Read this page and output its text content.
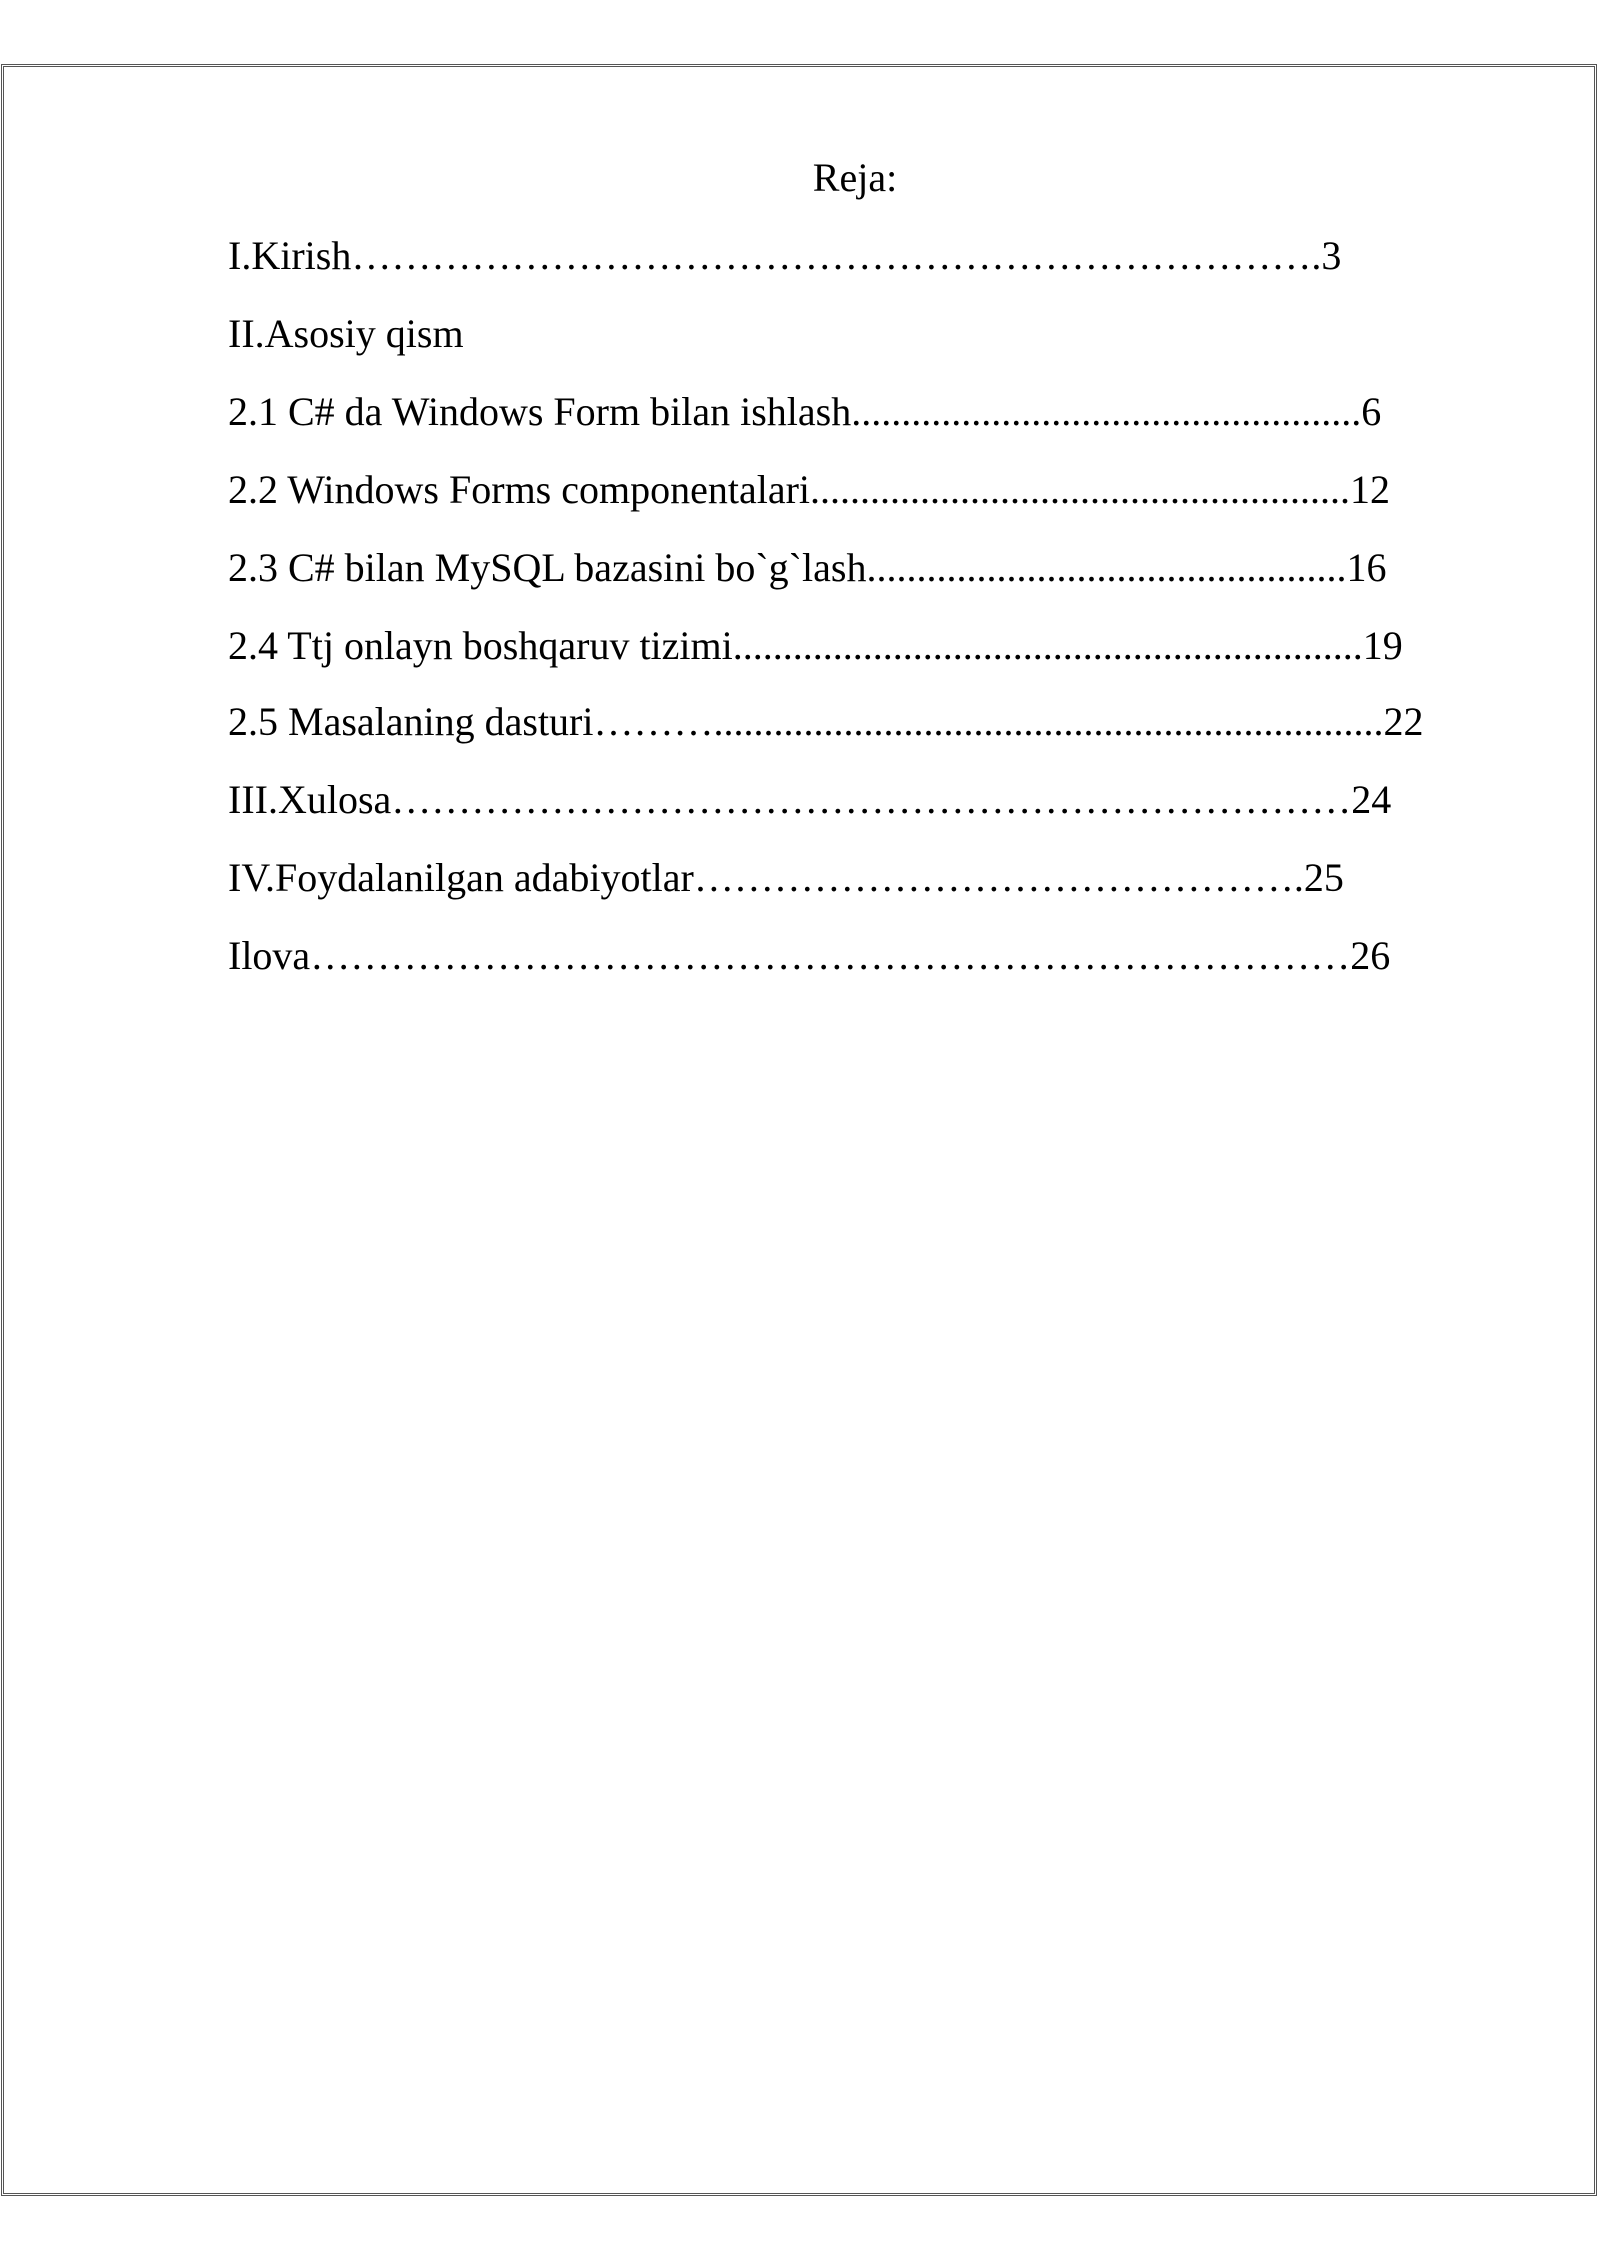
Reja:
I.Kirish……………………………………………………………….3
II.Asosiy qism
2.1 C# da Windows Form bilan ishlash...................................................6
2.2 Windows Forms componentalari......................................................12
2.3 C# bilan MySQL bazasini bo`g`lash................................................16
2.4 Ttj onlayn boshqaruv tizimi...............................................................19
2.5 Masalaning dasturi………...................................................................22
III.Xulosa………………………………………………………………24
IV.Foydalanilgan adabiyotlar……………………………………….25
Ilova……………………………………………………………………26
